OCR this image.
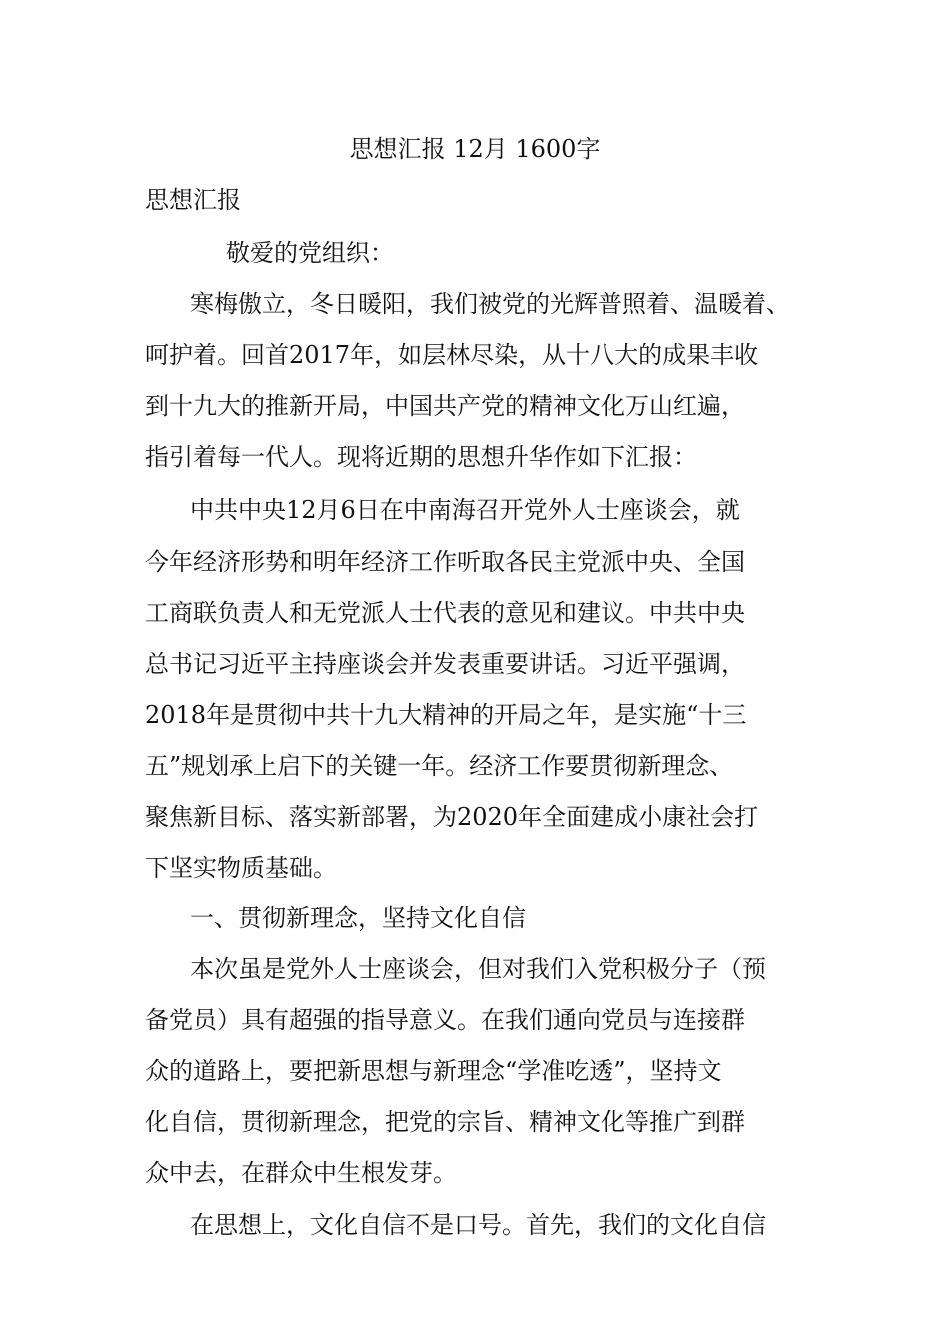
思想汇报 12月 1600字
思想汇报
敬爱的党组织：
寒梅傲立，冬日暖阳，我们被党的光辉普照着、温暖着、
呵护着。回首2017年，如层林尽染，从十八大的成果丰收
到十九大的推新开局，中国共产党的精神文化万山红遍，
指引着每一代人。现将近期的思想升华作如下汇报：
中共中央12月6日在中南海召开党外人士座谈会，就
今年经济形势和明年经济工作听取各民主党派中央、全国
工商联负责人和无党派人士代表的意见和建议。中共中央
总书记习近平主持座谈会并发表重要讲话。习近平强调，
2018年是贯彻中共十九大精神的开局之年，是实施“十三
五”规划承上启下的关键一年。经济工作要贯彻新理念、
聚焦新目标、落实新部署，为2020年全面建成小康社会打
下坚实物质基础。
一、贯彻新理念，坚持文化自信
本次虽是党外人士座谈会，但对我们入党积极分子（预
备党员）具有超强的指导意义。在我们通向党员与连接群
众的道路上，要把新思想与新理念“学准吃透”，坚持文
化自信，贯彻新理念，把党的宗旨、精神文化等推广到群
众中去，在群众中生根发芽。
在思想上，文化自信不是口号。首先，我们的文化自信
